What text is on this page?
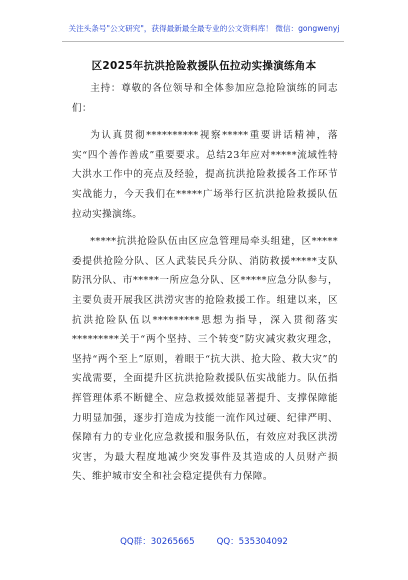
关注头条号"公文研究"，获得最新最全最专业的公文资料库！ 微信：gongwenyj
区2025年抗洪抢险救援队伍拉动实操演练角本

主持：尊敬的各位领导和全体参加应急抢险演练的同志们：

为认真贯彻**********视察*****重要讲话精神，落实“四个善作善成”重要要求。总结23年应对*****流域性特大洪水工作中的亮点及经验，提高抗洪抢险救援各工作环节实战能力，今天我们在*****广场举行区抗洪抢险救援队伍拉动实操演练。

*****抗洪抢险队伍由区应急管理局牵头组建，区*****委提供抢险分队、区人武装民兵分队、消防救援*****支队防汛分队、市*****一所应急分队、区*****应急分队参与，主要负责开展我区洪涝灾害的抢险救援工作。组建以来，区抗洪抢险队伍以*********思想为指导，深入贯彻落实*********关于“两个坚持、三个转变”防灾减灾救灾理念，坚持“两个至上”原则，着眼于“抗大洪、抢大险、救大灾”的实战需要，全面提升区抗洪抢险救援队伍实战能力。队伍指挥管理体系不断健全、应急救援效能显著提升、支撑保障能力明显加强，逐步打造成为技能一流作风过硬、纪律严明、保障有力的专业化应急救援和服务队伍，有效应对我区洪涝灾害，为最大程度地减少突发事件及其造成的人员财产损失、维护城市安全和社会稳定提供有力保障。

QQ群：30265665	QQ：535304092
